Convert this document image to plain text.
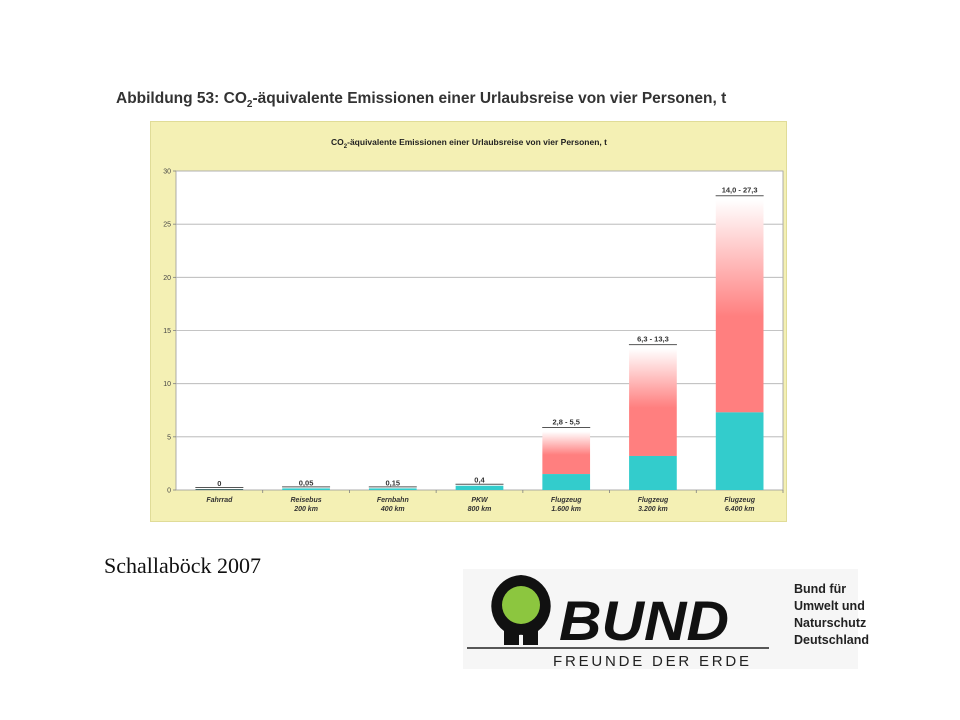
Abbildung 53: $CO_2$-äquivalente Emissionen einer Urlaubsreise von vier Personen, t
$CO_2$-äquivalente Emissionen einer Urlaubsreise von vier Personen, t
0
5
10
15
20
25
30
0
Fahrrad
0,05
Reisebus
200 km
0,15
Fernbahn
400 km
0,4
PKW
800 km
2,8 - 5,5
Flugzeug
1.600 km
6,3 - 13,3
Flugzeug
3.200 km
14,0 - 27,3
Flugzeug
6.400 km
Schallaböck 2007
BUND
FREUNDE DER ERDE
Bund für
Umwelt und
Naturschutz
Deutschland
